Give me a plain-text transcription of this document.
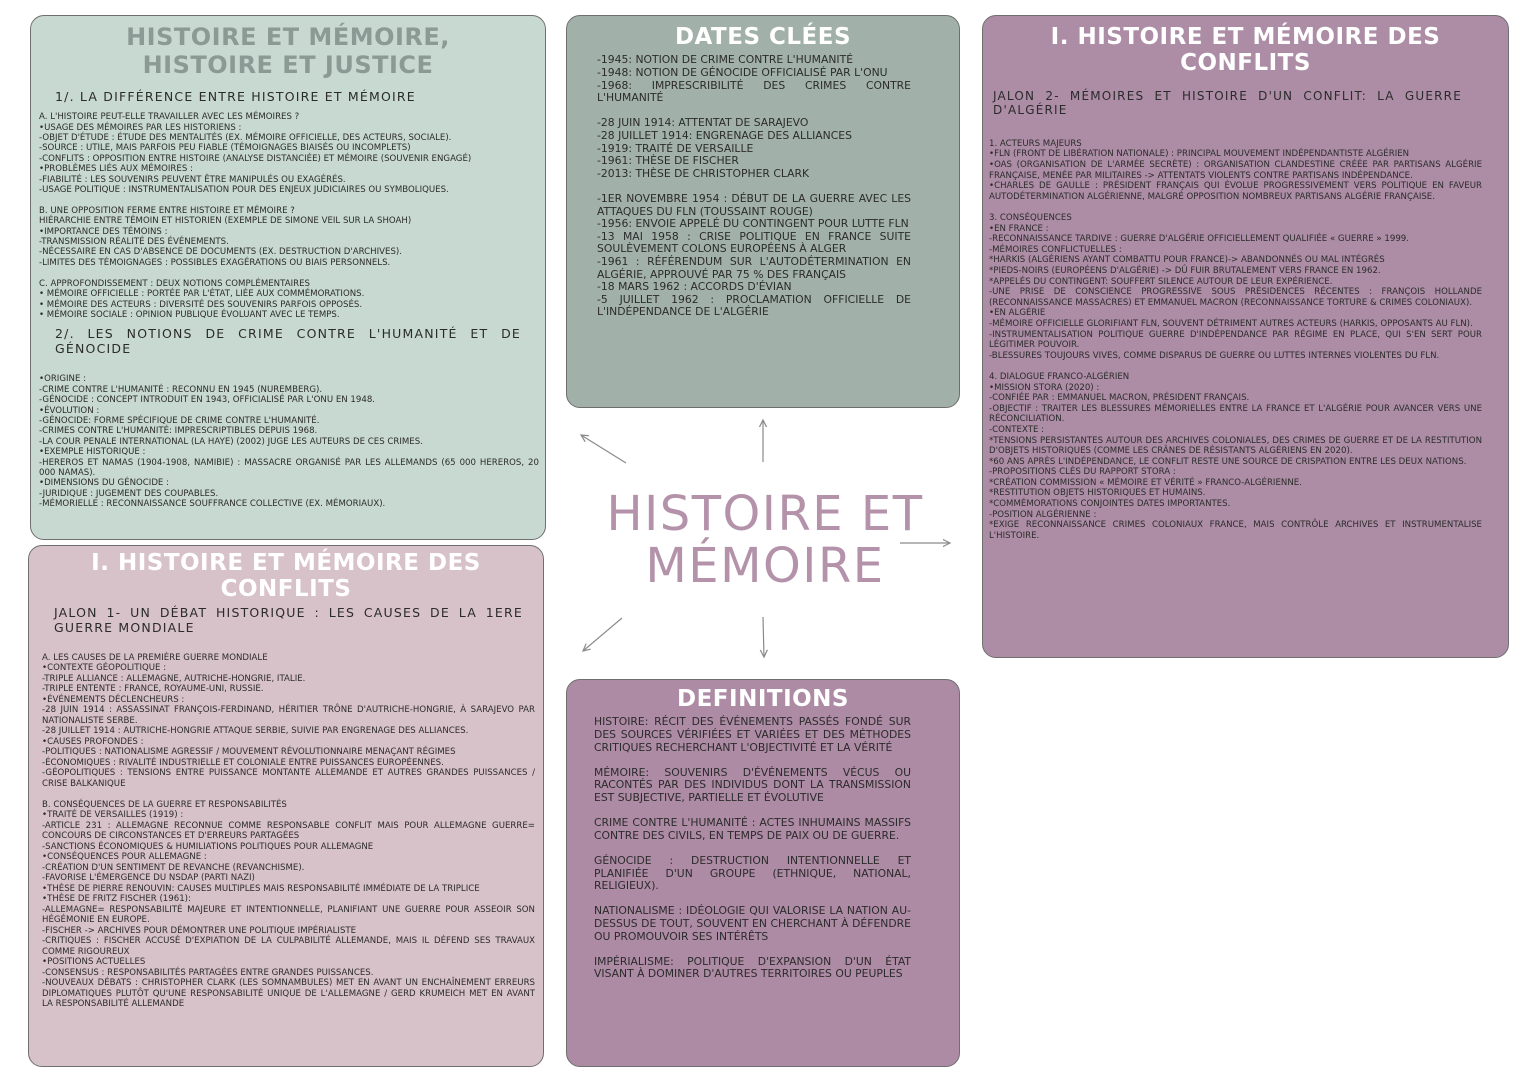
HISTOIRE ET MÉMOIRE, HISTOIRE ET JUSTICE

1/. LA DIFFÉRENCE ENTRE HISTOIRE ET MÉMOIRE

A. L'HISTOIRE PEUT-ELLE TRAVAILLER AVEC LES MÉMOIRES ?
•USAGE DES MÉMOIRES PAR LES HISTORIENS :
-OBJET D'ÉTUDE : ÉTUDE DES MENTALITÉS (EX. MÉMOIRE OFFICIELLE, DES ACTEURS, SOCIALE).
-SOURCE : UTILE, MAIS PARFOIS PEU FIABLE (TÉMOIGNAGES BIAISÉS OU INCOMPLETS)
-CONFLITS : OPPOSITION ENTRE HISTOIRE (ANALYSE DISTANCIÉE) ET MÉMOIRE (SOUVENIR ENGAGÉ)
•PROBLÈMES LIÉS AUX MÉMOIRES :
-FIABILITÉ : LES SOUVENIRS PEUVENT ÊTRE MANIPULÉS OU EXAGÉRÉS.
-USAGE POLITIQUE : INSTRUMENTALISATION POUR DES ENJEUX JUDICIAIRES OU SYMBOLIQUES.

B. UNE OPPOSITION FERME ENTRE HISTOIRE ET MÉMOIRE ?
HIÉRARCHIE ENTRE TÉMOIN ET HISTORIEN (EXEMPLE DE SIMONE VEIL SUR LA SHOAH)
•IMPORTANCE DES TÉMOINS :
-TRANSMISSION RÉALITÉ DES ÉVÉNEMENTS.
-NÉCESSAIRE EN CAS D'ABSENCE DE DOCUMENTS (EX. DESTRUCTION D'ARCHIVES).
-LIMITES DES TÉMOIGNAGES : POSSIBLES EXAGÉRATIONS OU BIAIS PERSONNELS.

C. APPROFONDISSEMENT : DEUX NOTIONS COMPLÉMENTAIRES
• MÉMOIRE OFFICIELLE : PORTÉE PAR L'ÉTAT, LIÉE AUX COMMÉMORATIONS.
• MÉMOIRE DES ACTEURS : DIVERSITÉ DES SOUVENIRS PARFOIS OPPOSÉS.
• MÉMOIRE SOCIALE : OPINION PUBLIQUE ÉVOLUANT AVEC LE TEMPS.

2/. LES NOTIONS DE CRIME CONTRE L'HUMANITÉ ET DE GÉNOCIDE

•ORIGINE :
-CRIME CONTRE L'HUMANITÉ : RECONNU EN 1945 (NUREMBERG).
-GÉNOCIDE : CONCEPT INTRODUIT EN 1943, OFFICIALISÉ PAR L'ONU EN 1948.
•ÉVOLUTION :
-GÉNOCIDE: FORME SPÉCIFIQUE DE CRIME CONTRE L'HUMANITÉ.
-CRIMES CONTRE L'HUMANITÉ: IMPRESCRIPTIBLES DEPUIS 1968.
-LA COUR PENALE INTERNATIONAL (LA HAYE) (2002) JUGE LES AUTEURS DE CES CRIMES.
•EXEMPLE HISTORIQUE :
-HEREROS ET NAMAS (1904-1908, NAMIBIE) : MASSACRE ORGANISÉ PAR LES ALLEMANDS (65 000 HEREROS, 20 000 NAMAS).
•DIMENSIONS DU GÉNOCIDE :
-JURIDIQUE : JUGEMENT DES COUPABLES.
-MÉMORIELLE : RECONNAISSANCE SOUFFRANCE COLLECTIVE (EX. MÉMORIAUX).

DATES CLÉES

-1945: NOTION DE CRIME CONTRE L'HUMANITÉ
-1948: NOTION DE GÉNOCIDE OFFICIALISÉ PAR L'ONU
-1968: IMPRESCRIBILITÉ DES CRIMES CONTRE L'HUMANITÉ

-28 JUIN 1914: ATTENTAT DE SARAJEVO
-28 JUILLET 1914: ENGRENAGE DES ALLIANCES
-1919: TRAITÉ DE VERSAILLE
-1961: THÈSE DE FISCHER
-2013: THÈSE DE CHRISTOPHER CLARK

-1ER NOVEMBRE 1954 : DÉBUT DE LA GUERRE AVEC LES ATTAQUES DU FLN (TOUSSAINT ROUGE)
-1956: ENVOIE APPELÉ DU CONTINGENT POUR LUTTE FLN
-13 MAI 1958 : CRISE POLITIQUE EN FRANCE SUITE SOULÈVEMENT COLONS EUROPÉENS À ALGER
-1961 : RÉFÉRENDUM SUR L'AUTODÉTERMINATION EN ALGÉRIE, APPROUVÉ PAR 75 % DES FRANÇAIS
-18 MARS 1962 : ACCORDS D'ÉVIAN
-5 JUILLET 1962 : PROCLAMATION OFFICIELLE DE L'INDÉPENDANCE DE L'ALGÉRIE

I. HISTOIRE ET MÉMOIRE DES CONFLITS

JALON 2- MÉMOIRES ET HISTOIRE D'UN CONFLIT: LA GUERRE D'ALGÉRIE

1. ACTEURS MAJEURS
•FLN (FRONT DE LIBÉRATION NATIONALE) : PRINCIPAL MOUVEMENT INDÉPENDANTISTE ALGÉRIEN
•OAS (ORGANISATION DE L'ARMÉE SECRÈTE) : ORGANISATION CLANDESTINE CRÉÉE PAR PARTISANS ALGÉRIE FRANÇAISE, MENÉE PAR MILITAIRES -> ATTENTATS VIOLENTS CONTRE PARTISANS INDÉPENDANCE.
•CHARLES DE GAULLE : PRÉSIDENT FRANÇAIS QUI ÉVOLUE PROGRESSIVEMENT VERS POLITIQUE EN FAVEUR AUTODÉTERMINATION ALGÉRIENNE, MALGRÉ OPPOSITION NOMBREUX PARTISANS ALGÉRIE FRANÇAISE.

3. CONSÉQUENCES
•EN FRANCE :
-RECONNAISSANCE TARDIVE : GUERRE D'ALGÉRIE OFFICIELLEMENT QUALIFIÉE « GUERRE » 1999.
-MÉMOIRES CONFLICTUELLES :
*HARKIS (ALGÉRIENS AYANT COMBATTU POUR FRANCE)-> ABANDONNÉS OU MAL INTÉGRÉS
*PIEDS-NOIRS (EUROPÉENS D'ALGÉRIE) -> DÛ FUIR BRUTALEMENT VERS FRANCE EN 1962.
*APPELÉS DU CONTINGENT: SOUFFERT SILENCE AUTOUR DE LEUR EXPÉRIENCE.
-UNE PRISE DE CONSCIENCE PROGRESSIVE SOUS PRÉSIDENCES RÉCENTES : FRANÇOIS HOLLANDE (RECONNAISSANCE MASSACRES) ET EMMANUEL MACRON (RECONNAISSANCE TORTURE & CRIMES COLONIAUX).
•EN ALGÉRIE
-MÉMOIRE OFFICIELLE GLORIFIANT FLN, SOUVENT DÉTRIMENT AUTRES ACTEURS (HARKIS, OPPOSANTS AU FLN).
-INSTRUMENTALISATION POLITIQUE GUERRE D'INDÉPENDANCE PAR RÉGIME EN PLACE, QUI S'EN SERT POUR LÉGITIMER POUVOIR.
-BLESSURES TOUJOURS VIVES, COMME DISPARUS DE GUERRE OU LUTTES INTERNES VIOLENTES DU FLN.

4. DIALOGUE FRANCO-ALGÉRIEN
•MISSION STORA (2020) :
-CONFIÉE PAR : EMMANUEL MACRON, PRÉSIDENT FRANÇAIS.
-OBJECTIF : TRAITER LES BLESSURES MÉMORIELLES ENTRE LA FRANCE ET L'ALGÉRIE POUR AVANCER VERS UNE RÉCONCILIATION.
-CONTEXTE :
*TENSIONS PERSISTANTES AUTOUR DES ARCHIVES COLONIALES, DES CRIMES DE GUERRE ET DE LA RESTITUTION D'OBJETS HISTORIQUES (COMME LES CRÂNES DE RÉSISTANTS ALGÉRIENS EN 2020).
*60 ANS APRÈS L'INDÉPENDANCE, LE CONFLIT RESTE UNE SOURCE DE CRISPATION ENTRE LES DEUX NATIONS.
-PROPOSITIONS CLÉS DU RAPPORT STORA :
*CRÉATION COMMISSION « MÉMOIRE ET VÉRITÉ » FRANCO-ALGÉRIENNE.
*RESTITUTION OBJETS HISTORIQUES ET HUMAINS.
*COMMÉMORATIONS CONJOINTES DATES IMPORTANTES.
-POSITION ALGÉRIENNE :
*EXIGE RECONNAISSANCE CRIMES COLONIAUX FRANCE, MAIS CONTRÔLE ARCHIVES ET INSTRUMENTALISE L'HISTOIRE.

I. HISTOIRE ET MÉMOIRE DES CONFLITS

JALON 1- UN DÉBAT HISTORIQUE : LES CAUSES DE LA 1ERE GUERRE MONDIALE

A. LES CAUSES DE LA PREMIÈRE GUERRE MONDIALE
•CONTEXTE GÉOPOLITIQUE :
-TRIPLE ALLIANCE : ALLEMAGNE, AUTRICHE-HONGRIE, ITALIE.
-TRIPLE ENTENTE : FRANCE, ROYAUME-UNI, RUSSIE.
•ÉVÉNEMENTS DÉCLENCHEURS :
-28 JUIN 1914 : ASSASSINAT FRANÇOIS-FERDINAND, HÉRITIER TRÔNE D'AUTRICHE-HONGRIE, À SARAJEVO PAR NATIONALISTE SERBE.
-28 JUILLET 1914 : AUTRICHE-HONGRIE ATTAQUE SERBIE, SUIVIE PAR ENGRENAGE DES ALLIANCES.
•CAUSES PROFONDES :
-POLITIQUES : NATIONALISME AGRESSIF / MOUVEMENT RÉVOLUTIONNAIRE MENAÇANT RÉGIMES
-ÉCONOMIQUES : RIVALITÉ INDUSTRIELLE ET COLONIALE ENTRE PUISSANCES EUROPÉENNES.
-GÉOPOLITIQUES : TENSIONS ENTRE PUISSANCE MONTANTE ALLEMANDE ET AUTRES GRANDES PUISSANCES / CRISE BALKANIQUE

B. CONSÉQUENCES DE LA GUERRE ET RESPONSABILITÉS
•TRAITÉ DE VERSAILLES (1919) :
-ARTICLE 231 : ALLEMAGNE RECONNUE COMME RESPONSABLE CONFLIT MAIS POUR ALLEMAGNE GUERRE= CONCOURS DE CIRCONSTANCES ET D'ERREURS PARTAGÉES
-SANCTIONS ÉCONOMIQUES & HUMILIATIONS POLITIQUES POUR ALLEMAGNE
•CONSÉQUENCES POUR ALLEMAGNE :
-CRÉATION D'UN SENTIMENT DE REVANCHE (REVANCHISME).
-FAVORISE L'ÉMERGENCE DU NSDAP (PARTI NAZI)
•THÈSE DE PIERRE RENOUVIN: CAUSES MULTIPLES MAIS RESPONSABILITÉ IMMÉDIATE DE LA TRIPLICE
•THÈSE DE FRITZ FISCHER (1961):
-ALLEMAGNE= RESPONSABILITÉ MAJEURE ET INTENTIONNELLE, PLANIFIANT UNE GUERRE POUR ASSEOIR SON HÉGÉMONIE EN EUROPE.
-FISCHER -> ARCHIVES POUR DÉMONTRER UNE POLITIQUE IMPÉRIALISTE
-CRITIQUES : FISCHER ACCUSÉ D'EXPIATION DE LA CULPABILITÉ ALLEMANDE, MAIS IL DÉFEND SES TRAVAUX COMME RIGOUREUX
•POSITIONS ACTUELLES
-CONSENSUS : RESPONSABILITÉS PARTAGÉES ENTRE GRANDES PUISSANCES.
-NOUVEAUX DÉBATS : CHRISTOPHER CLARK (LES SOMNAMBULES) MET EN AVANT UN ENCHAÎNEMENT ERREURS DIPLOMATIQUES PLUTÔT QU'UNE RESPONSABILITÉ UNIQUE DE L'ALLEMAGNE / GERD KRUMEICH MET EN AVANT LA RESPONSABILITÉ ALLEMANDE

DEFINITIONS

HISTOIRE: RÉCIT DES ÉVÉNEMENTS PASSÉS FONDÉ SUR DES SOURCES VÉRIFIÉES ET VARIÉES ET DES MÉTHODES CRITIQUES RECHERCHANT L'OBJECTIVITÉ ET LA VÉRITÉ

MÉMOIRE: SOUVENIRS D'ÉVÉNEMENTS VÉCUS OU RACONTÉS PAR DES INDIVIDUS DONT LA TRANSMISSION EST SUBJECTIVE, PARTIELLE ET ÉVOLUTIVE

CRIME CONTRE L'HUMANITÉ : ACTES INHUMAINS MASSIFS CONTRE DES CIVILS, EN TEMPS DE PAIX OU DE GUERRE.

GÉNOCIDE : DESTRUCTION INTENTIONNELLE ET PLANIFIÉE D'UN GROUPE (ETHNIQUE, NATIONAL, RELIGIEUX).

NATIONALISME : IDÉOLOGIE QUI VALORISE LA NATION AU-DESSUS DE TOUT, SOUVENT EN CHERCHANT À DÉFENDRE OU PROMOUVOIR SES INTÉRÊTS

IMPÉRIALISME: POLITIQUE D'EXPANSION D'UN ÉTAT VISANT À DOMINER D'AUTRES TERRITOIRES OU PEUPLES

HISTOIRE ET MÉMOIRE
